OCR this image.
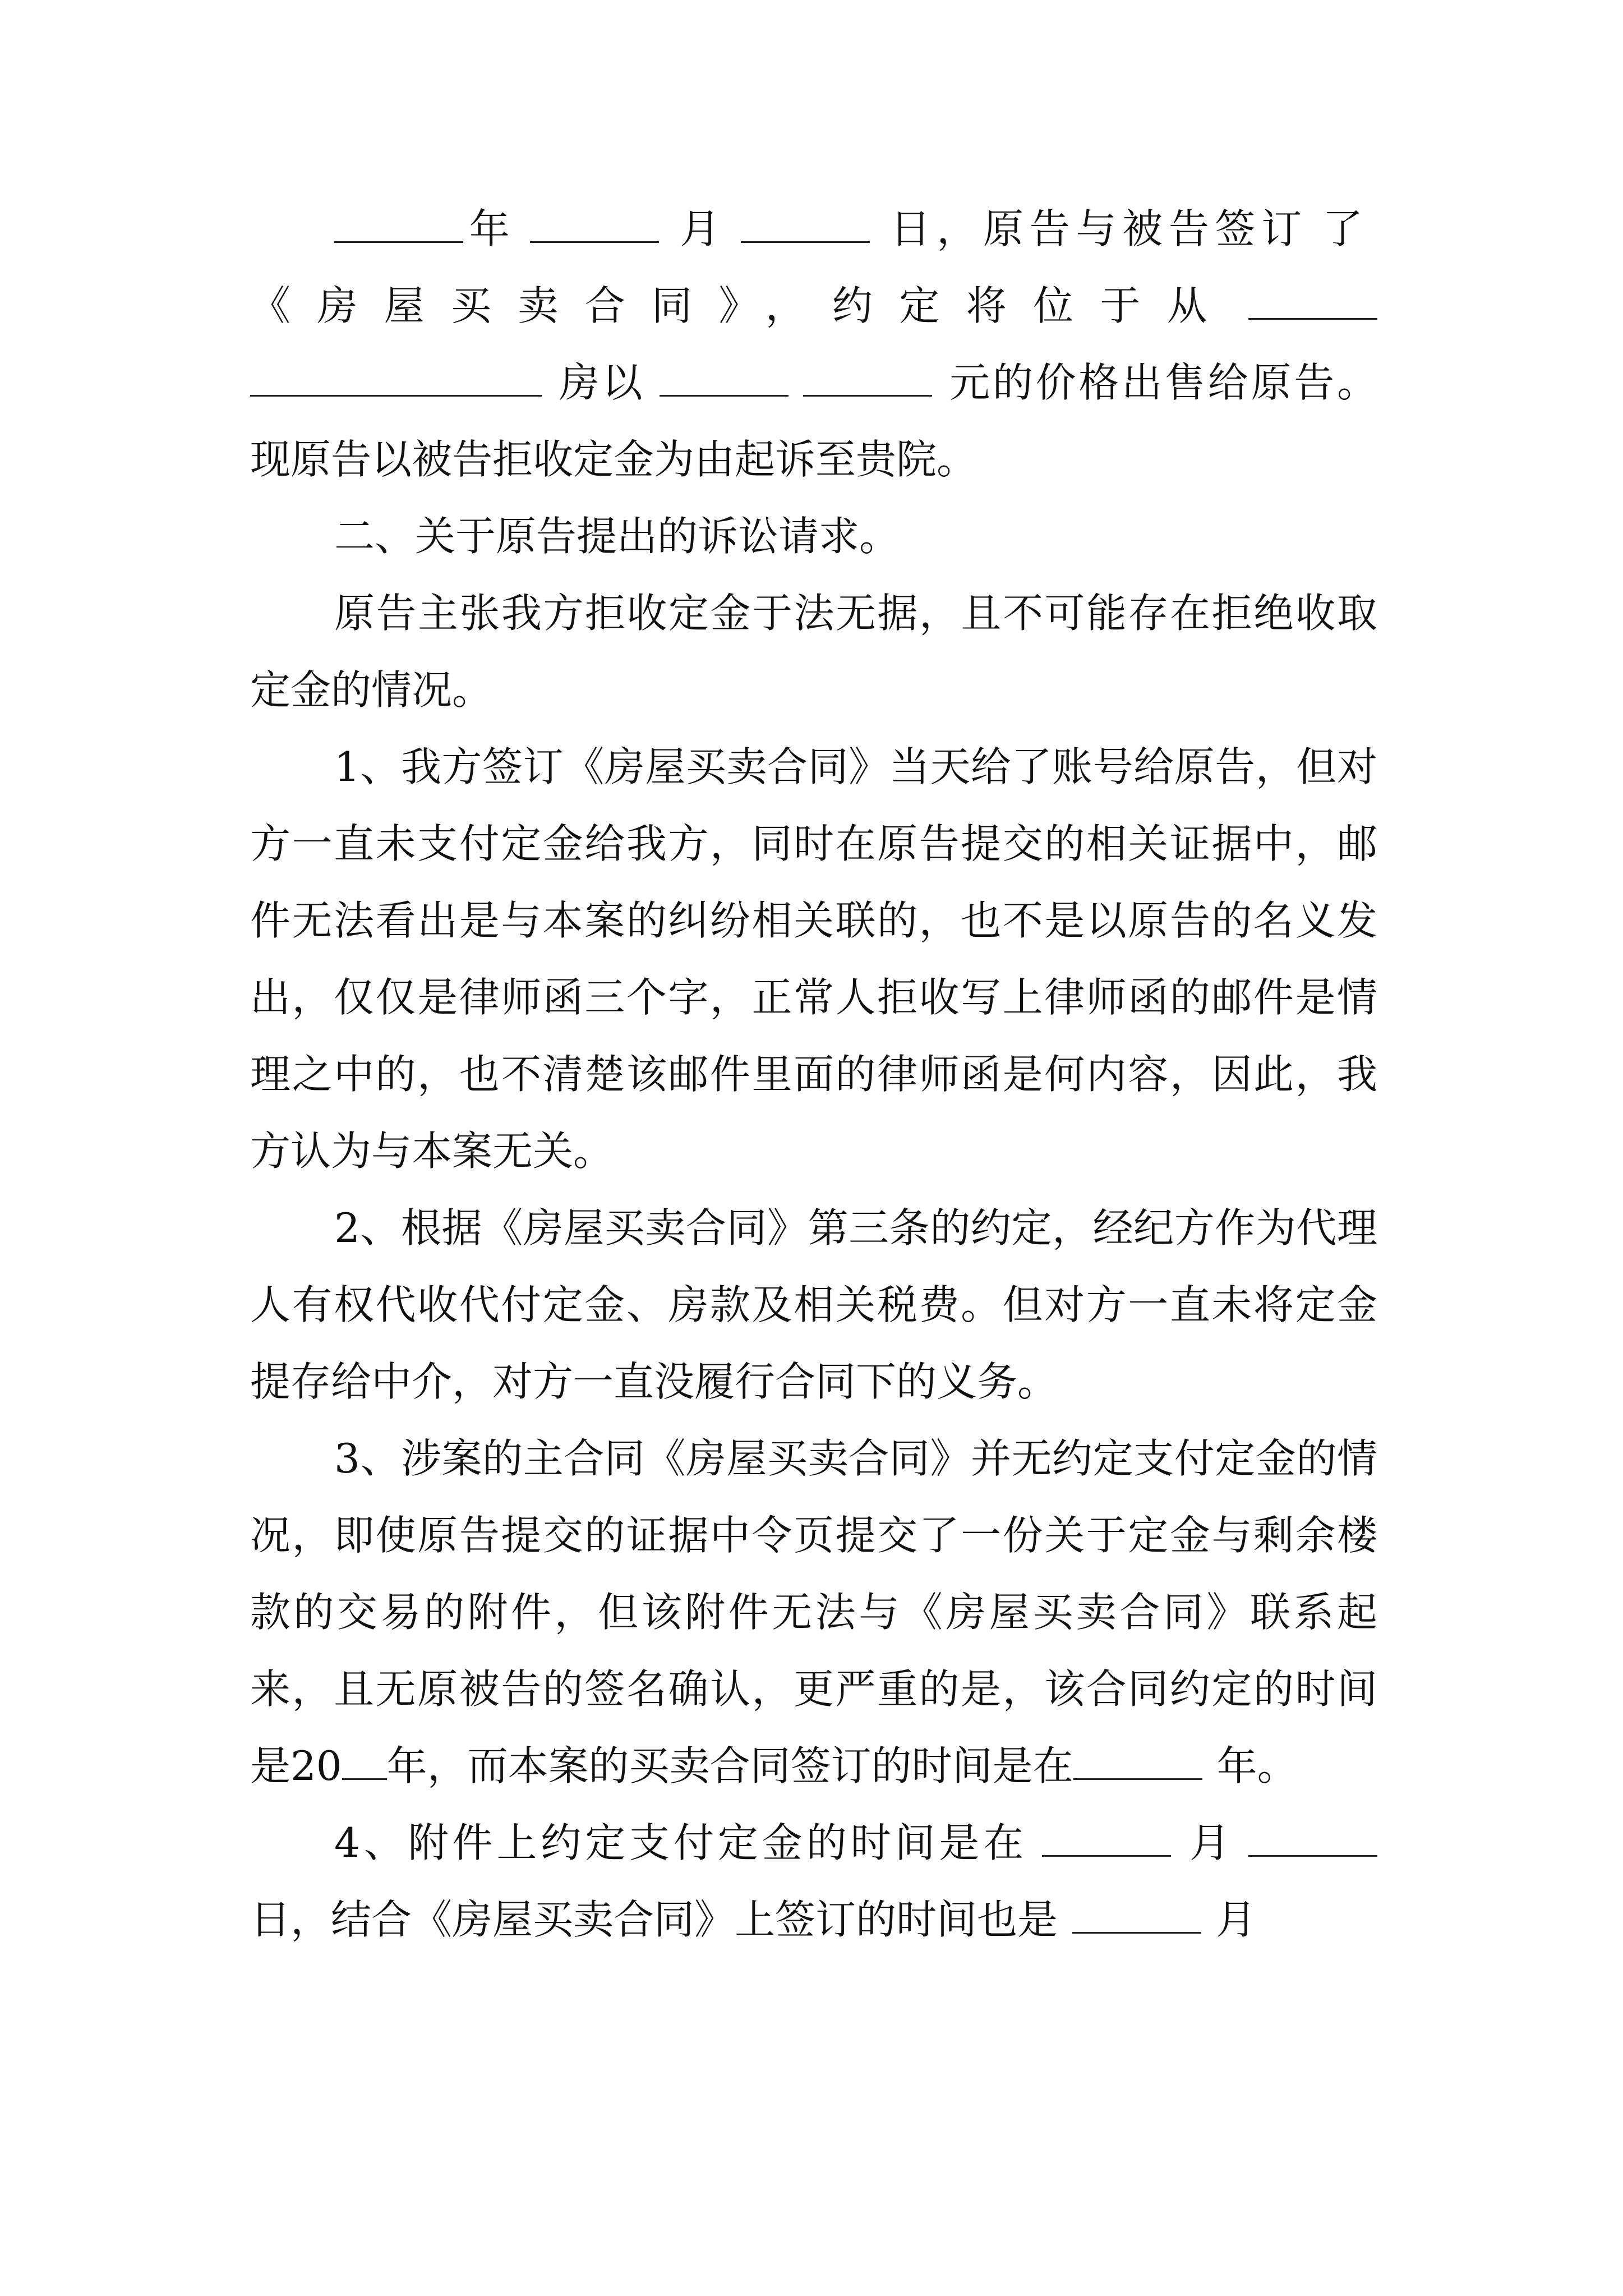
年	月	日，原告与被告签订了《房屋买卖合同》，约定将位于从房以	元的价格出售给原告。现原告以被告拒收定金为由起诉至贵院。

二、关于原告提出的诉讼请求。

原告主张我方拒收定金于法无据，且不可能存在拒绝收取定金的情况。

1、我方签订《房屋买卖合同》当天给了账号给原告，但对方一直未支付定金给我方，同时在原告提交的相关证据中，邮件无法看出是与本案的纠纷相关联的，也不是以原告的名义发出，仅仅是律师函三个字，正常人拒收写上律师函的邮件是情理之中的，也不清楚该邮件里面的律师函是何内容，因此，我方认为与本案无关。

2、根据《房屋买卖合同》第三条的约定，经纪方作为代理人有权代收代付定金、房款及相关税费。但对方一直未将定金提存给中介，对方一直没履行合同下的义务。

3、涉案的主合同《房屋买卖合同》并无约定支付定金的情况，即使原告提交的证据中令页提交了一份关于定金与剩余楼款的交易的附件，但该附件无法与《房屋买卖合同》联系起来，且无原被告的签名确认，更严重的是，该合同约定的时间是20 年，而本案的买卖合同签订的时间是在	年。

4、附件上约定支付定金的时间是在	月日，结合《房屋买卖合同》上签订的时间也是	月
